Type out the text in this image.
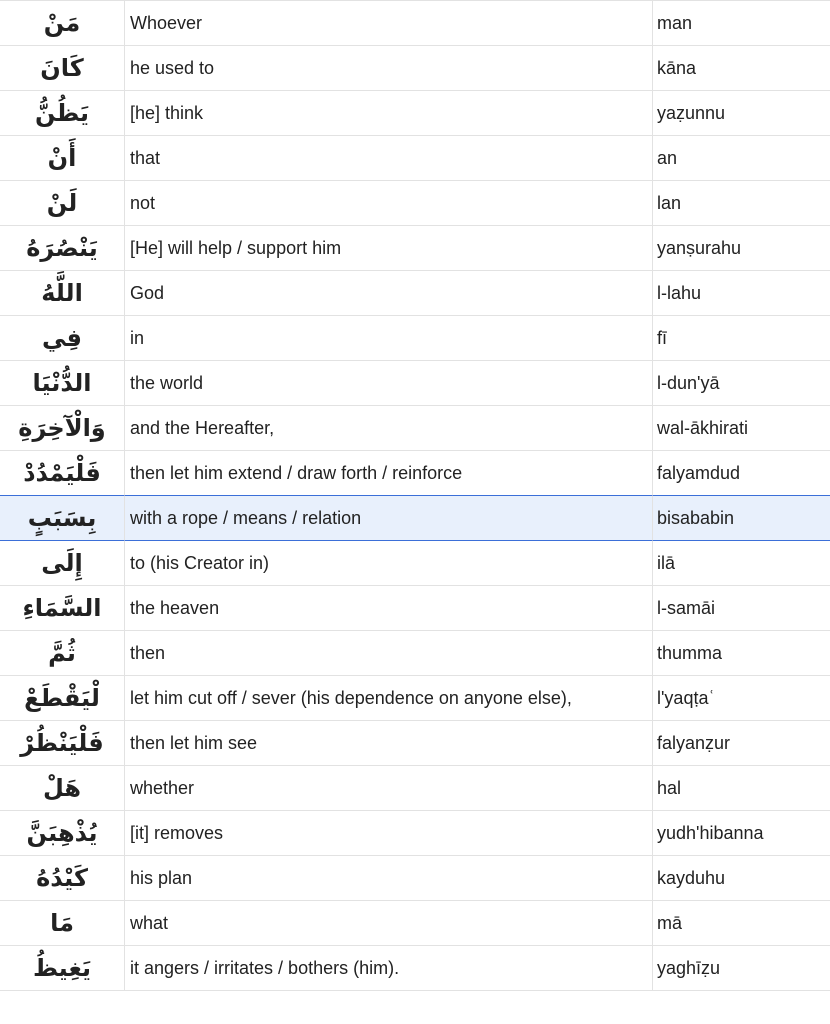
مَنْ	Whoever	man
كَانَ	he used to	kāna
يَظُنُّ	[he] think	yaẓunnu
أَنْ	that	an
لَنْ	not	lan
يَنْصُرَهُ	[He] will help / support him	yanṣurahu
اللَّهُ	God	l-lahu
فِي	in	fī
الدُّنْيَا	the world	l-dun'yā
وَالْآخِرَةِ	and the Hereafter,	wal-ākhirati
فَلْيَمْدُدْ	then let him extend / draw forth / reinforce	falyamdud
بِسَبَبٍ	with a rope / means / relation	bisababin
إِلَى	to (his Creator in)	ilā
السَّمَاءِ	the heaven	l-samāi
ثُمَّ	then	thumma
لْيَقْطَعْ	let him cut off / sever (his dependence on anyone else),	l'yaqṭaʿ
فَلْيَنْظُرْ	then let him see	falyanẓur
هَلْ	whether	hal
يُذْهِبَنَّ	[it] removes	yudh'hibanna
كَيْدُهُ	his plan	kayduhu
مَا	what	mā
يَغِيظُ	it angers / irritates / bothers (him).	yaghīẓu
